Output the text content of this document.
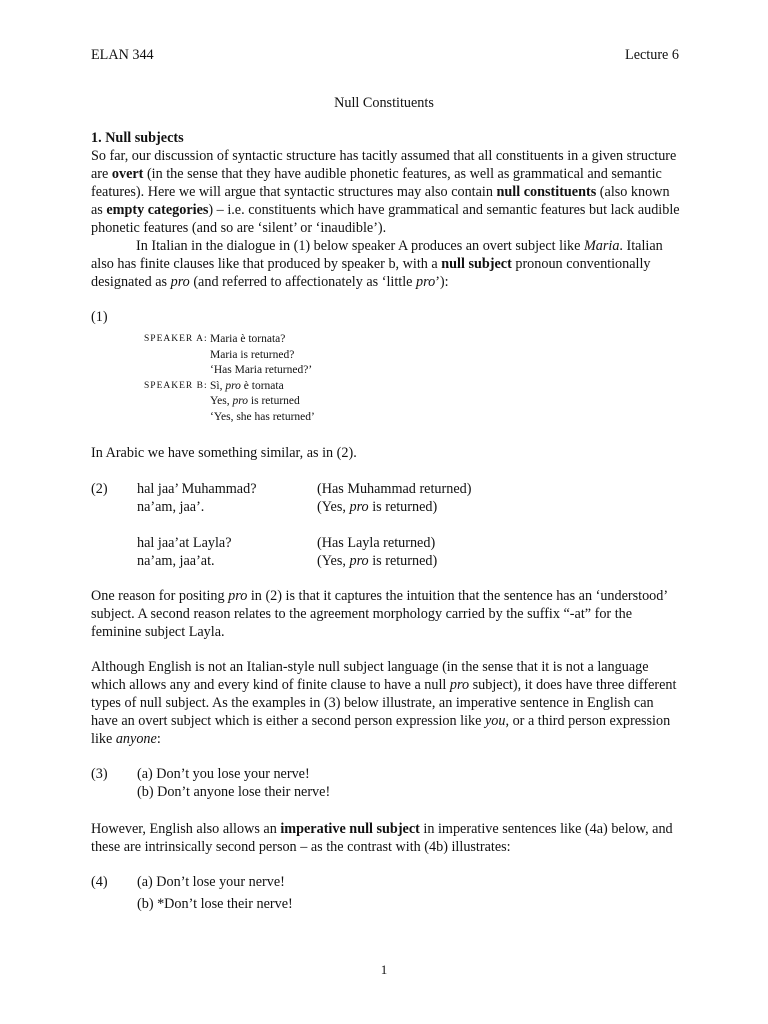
ELAN 344	Lecture 6
Null Constituents

1. Null subjects

So far, our discussion of syntactic structure has tacitly assumed that all constituents in a given structure are overt (in the sense that they have audible phonetic features, as well as grammatical and semantic features). Here we will argue that syntactic structures may also contain null constituents (also known as empty categories) – i.e. constituents which have grammatical and semantic features but lack audible phonetic features (and so are ‘silent’ or ‘inaudible’).

In Italian in the dialogue in (1) below speaker A produces an overt subject like Maria. Italian also has finite clauses like that produced by speaker b, with a null subject pronoun conventionally designated as pro (and referred to affectionately as ‘little pro’):

(1)
SPEAKER A: Maria è tornata?
Maria is returned?
‘Has Maria returned?’
SPEAKER B: Sì, pro è tornata
Yes, pro is returned
‘Yes, she has returned’

In Arabic we have something similar, as in (2).

(2)	hal jaa’ Muhammad?	(Has Muhammad returned)
na’am, jaa’.	(Yes, pro is returned)
hal jaa’at Layla?	(Has Layla returned)
na’am, jaa’at.	(Yes, pro is returned)

One reason for positing pro in (2) is that it captures the intuition that the sentence has an ‘understood’ subject. A second reason relates to the agreement morphology carried by the suffix “-at” for the feminine subject Layla.

Although English is not an Italian-style null subject language (in the sense that it is not a language which allows any and every kind of finite clause to have a null pro subject), it does have three different types of null subject. As the examples in (3) below illustrate, an imperative sentence in English can have an overt subject which is either a second person expression like you, or a third person expression like anyone:

(3)	(a) Don’t you lose your nerve!
(b) Don’t anyone lose their nerve!

However, English also allows an imperative null subject in imperative sentences like (4a) below, and these are intrinsically second person – as the contrast with (4b) illustrates:

(4)	(a) Don’t lose your nerve!
(b) *Don’t lose their nerve!
1
